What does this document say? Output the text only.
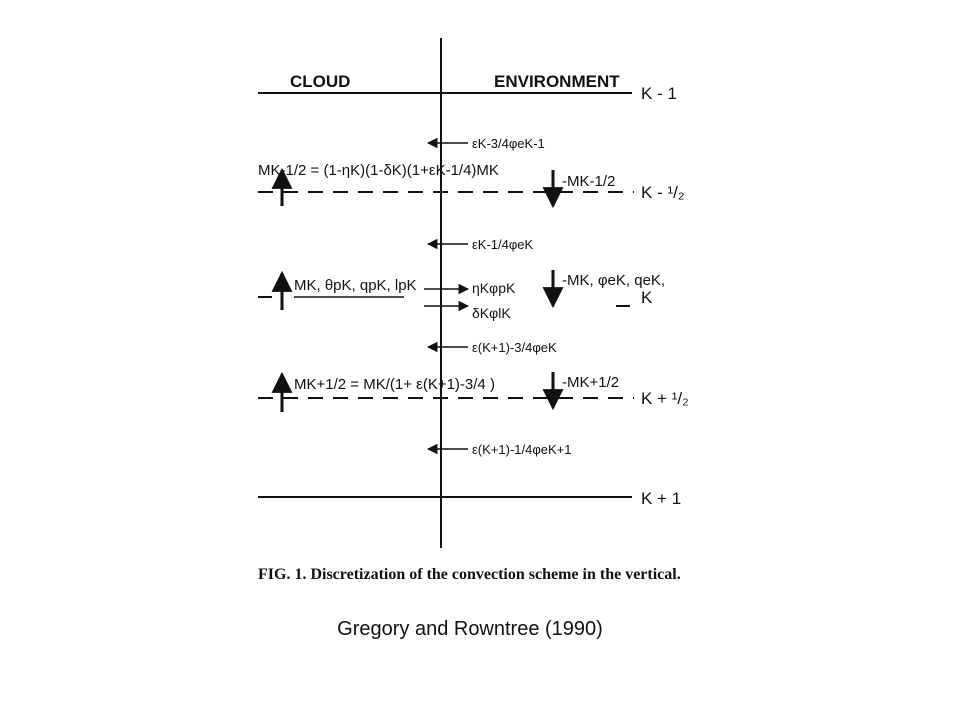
CLOUD	ENVIRONMENT
K - 1
K + 1
K - ¹/₂
K + ¹/₂
K
εK-3/4φeK-1
εK-1/4φeK
ε(K+1)-3/4φeK
ε(K+1)-1/4φeK+1
ηKφpK
δKφlK
MK-1/2 = (1-ηK)(1-δK)(1+εK-1/4)MK
MK, θpK, qpK, lpK
MK+1/2 = MK/(1+ ε(K+1)-3/4 )
-MK-1/2
-MK, φeK, qeK,
-MK+1/2
FIG. 1. Discretization of the convection scheme in the vertical.
Gregory and Rowntree (1990)
